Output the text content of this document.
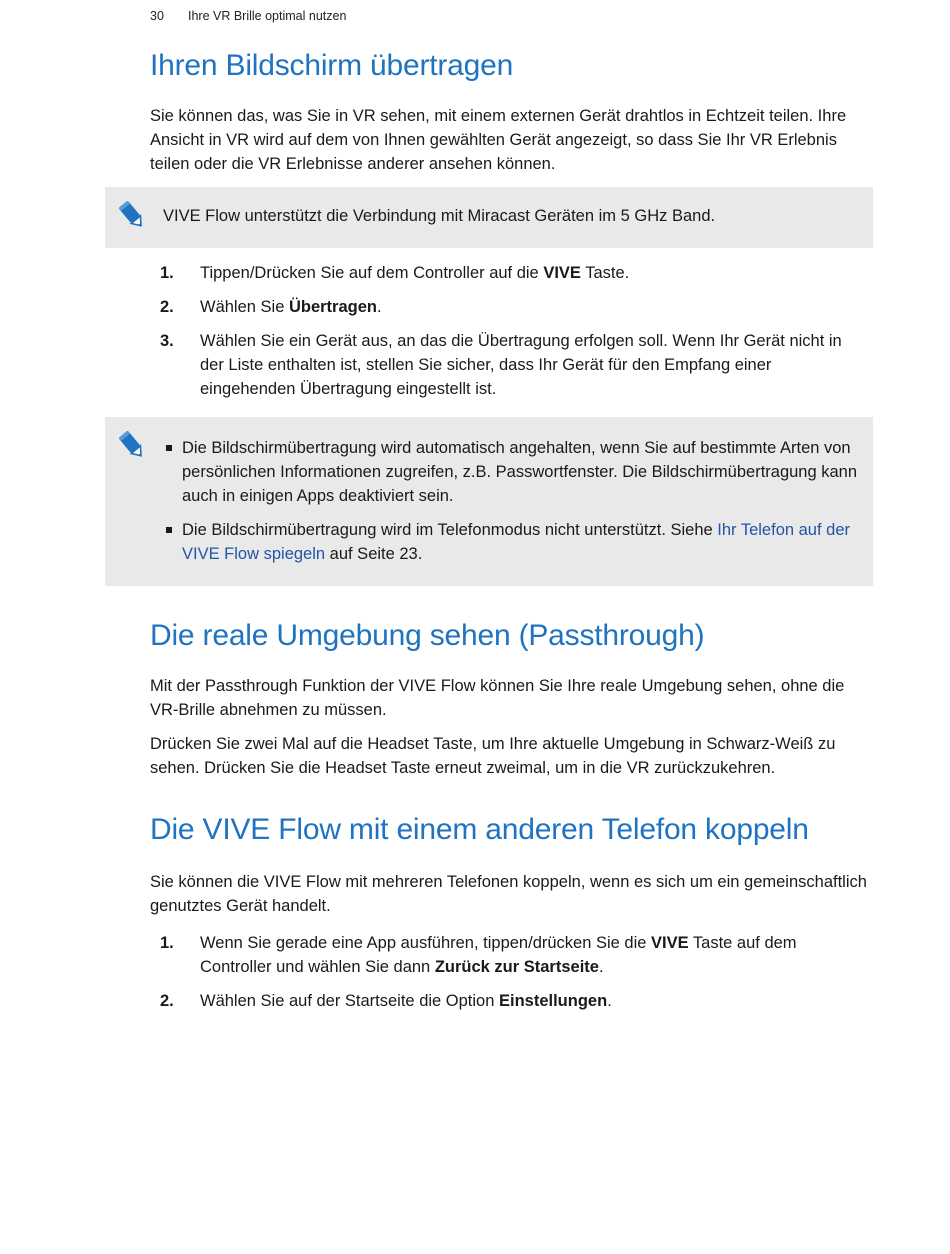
30 Ihre VR Brille optimal nutzen
Ihren Bildschirm übertragen

Sie können das, was Sie in VR sehen, mit einem externen Gerät drahtlos in Echtzeit teilen. Ihre Ansicht in VR wird auf dem von Ihnen gewählten Gerät angezeigt, so dass Sie Ihr VR Erlebnis teilen oder die VR Erlebnisse anderer ansehen können.

VIVE Flow unterstützt die Verbindung mit Miracast Geräten im 5 GHz Band.
1. Tippen/Drücken Sie auf dem Controller auf die VIVE Taste.
2. Wählen Sie Übertragen.
3. Wählen Sie ein Gerät aus, an das die Übertragung erfolgen soll. Wenn Ihr Gerät nicht in der Liste enthalten ist, stellen Sie sicher, dass Ihr Gerät für den Empfang einer eingehenden Übertragung eingestellt ist.
Die Bildschirmübertragung wird automatisch angehalten, wenn Sie auf bestimmte Arten von persönlichen Informationen zugreifen, z.B. Passwortfenster. Die Bildschirmübertragung kann auch in einigen Apps deaktiviert sein.
Die Bildschirmübertragung wird im Telefonmodus nicht unterstützt. Siehe Ihr Telefon auf der VIVE Flow spiegeln auf Seite 23.
Die reale Umgebung sehen (Passthrough)

Mit der Passthrough Funktion der VIVE Flow können Sie Ihre reale Umgebung sehen, ohne die VR-Brille abnehmen zu müssen.

Drücken Sie zwei Mal auf die Headset Taste, um Ihre aktuelle Umgebung in Schwarz-Weiß zu sehen. Drücken Sie die Headset Taste erneut zweimal, um in die VR zurückzukehren.

Die VIVE Flow mit einem anderen Telefon koppeln

Sie können die VIVE Flow mit mehreren Telefonen koppeln, wenn es sich um ein gemeinschaftlich genutztes Gerät handelt.

1. Wenn Sie gerade eine App ausführen, tippen/drücken Sie die VIVE Taste auf dem Controller und wählen Sie dann Zurück zur Startseite.
2. Wählen Sie auf der Startseite die Option Einstellungen.
